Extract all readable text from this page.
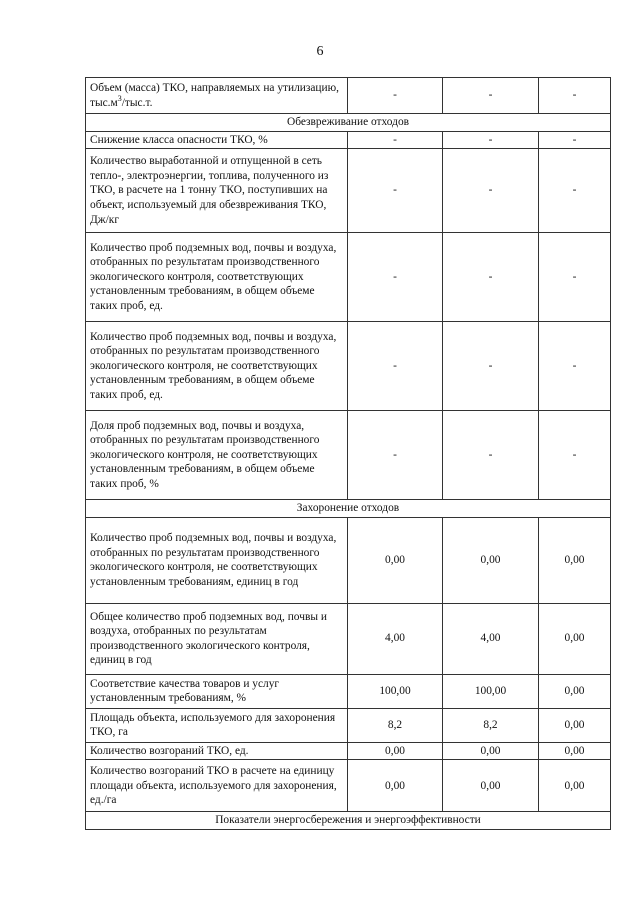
6
Объем (масса) ТКО, направляемых на утилизацию, $тыс.м^3/тыс.т$.	-	-	-
Обезвреживание отходов			
Снижение класса опасности ТКО, %	-	-	-
Количество выработанной и отпущенной в сеть тепло-, электроэнергии, топлива, полученного из ТКО, в расчете на 1 тонну ТКО, поступивших на объект, используемый для обезвреживания ТКО, Дж/кг	-	-	-
Количество проб подземных вод, почвы и воздуха, отобранных по результатам производственного экологического контроля, соответствующих установленным требованиям, в общем объеме таких проб, ед.	-	-	-
Количество проб подземных вод, почвы и воздуха, отобранных по результатам производственного экологического контроля, не соответствующих установленным требованиям, в общем объеме таких проб, ед.	-	-	-
Доля проб подземных вод, почвы и воздуха, отобранных по результатам производственного экологического контроля, не соответствующих установленным требованиям, в общем объеме таких проб, %	-	-	-
Захоронение отходов			
Количество проб подземных вод, почвы и воздуха, отобранных по результатам производственного экологического контроля, не соответствующих установленным требованиям, единиц в год	0,00	0,00	0,00
Общее количество проб подземных вод, почвы и воздуха, отобранных по результатам производственного экологического контроля, единиц в год	4,00	4,00	0,00
Соответствие качества товаров и услуг установленным требованиям, %	100,00	100,00	0,00
Площадь объекта, используемого для захоронения ТКО, га	8,2	8,2	0,00
Количество возгораний ТКО, ед.	0,00	0,00	0,00
Количество возгораний ТКО в расчете на единицу площади объекта, используемого для захоронения, ед./га	0,00	0,00	0,00
Показатели энергосбережения и энергоэффективности			
